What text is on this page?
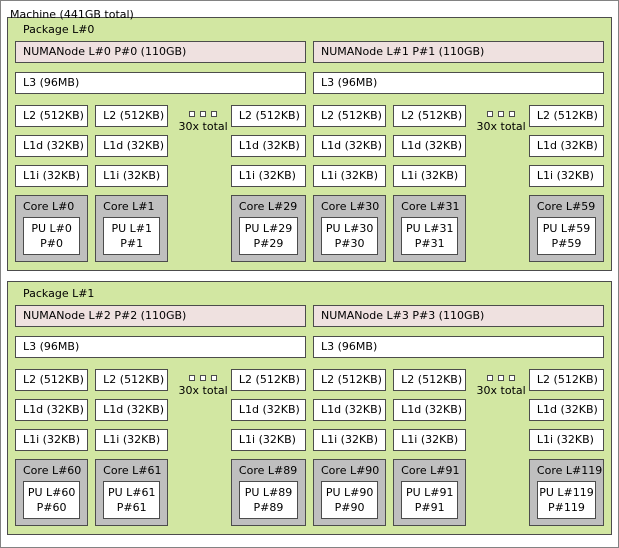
Machine (441GB total)
Package L#0
NUMANode L#0 P#0 (110GB)
L3 (96MB)
L2 (512KB)
L1d (32KB)
L1i (32KB)
Core L#0
PU L#0
P#0
L2 (512KB)
L1d (32KB)
L1i (32KB)
Core L#1
PU L#1
P#1
30x total
L2 (512KB)
L1d (32KB)
L1i (32KB)
Core L#29
PU L#29
P#29
NUMANode L#1 P#1 (110GB)
L3 (96MB)
L2 (512KB)
L1d (32KB)
L1i (32KB)
Core L#30
PU L#30
P#30
L2 (512KB)
L1d (32KB)
L1i (32KB)
Core L#31
PU L#31
P#31
30x total
L2 (512KB)
L1d (32KB)
L1i (32KB)
Core L#59
PU L#59
P#59
Package L#1
NUMANode L#2 P#2 (110GB)
L3 (96MB)
L2 (512KB)
L1d (32KB)
L1i (32KB)
Core L#60
PU L#60
P#60
L2 (512KB)
L1d (32KB)
L1i (32KB)
Core L#61
PU L#61
P#61
30x total
L2 (512KB)
L1d (32KB)
L1i (32KB)
Core L#89
PU L#89
P#89
NUMANode L#3 P#3 (110GB)
L3 (96MB)
L2 (512KB)
L1d (32KB)
L1i (32KB)
Core L#90
PU L#90
P#90
L2 (512KB)
L1d (32KB)
L1i (32KB)
Core L#91
PU L#91
P#91
30x total
L2 (512KB)
L1d (32KB)
L1i (32KB)
Core L#119
PU L#119
P#119
